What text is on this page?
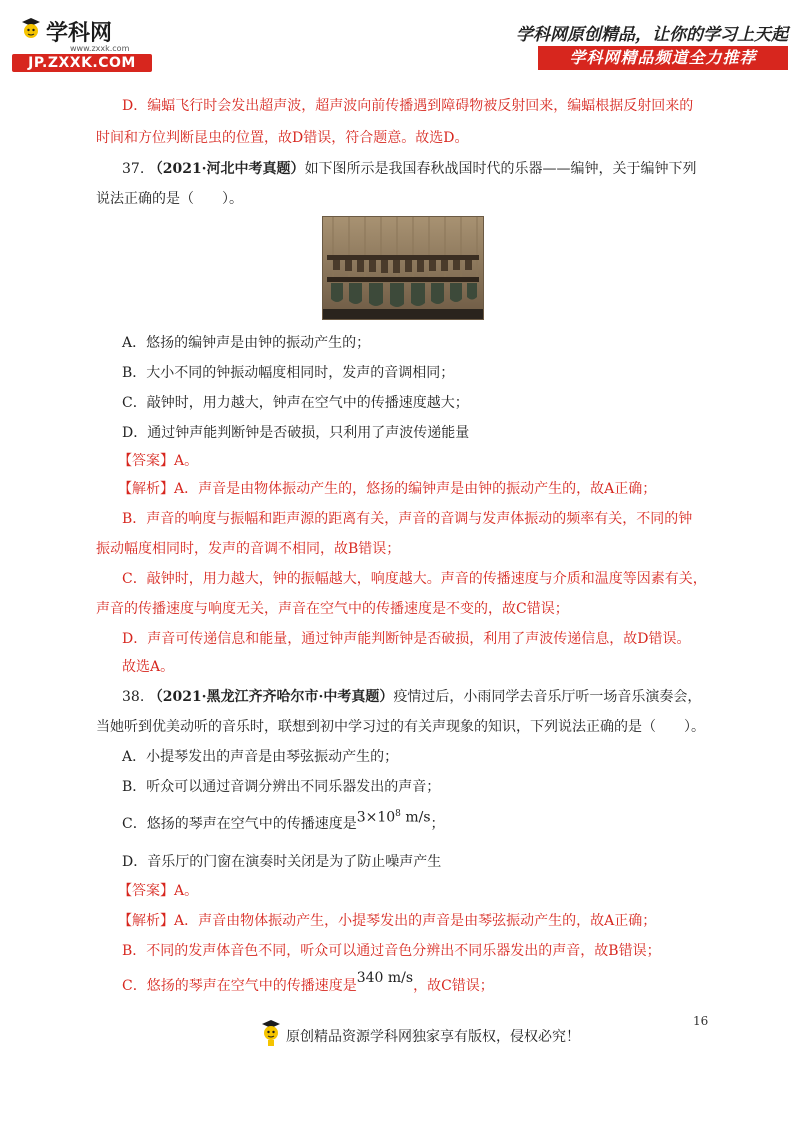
学科网
www.zxxk.com
JP.ZXXK.COM
学科网原创精品，让你的学习上天起
学科网精品频道全力推荐
D．编蝠飞行时会发出超声波，超声波向前传播遇到障碍物被反射回来，编蝠根据反射回来的
时间和方位判断昆虫的位置，故D错误，符合题意。故选D。
37. （2021·河北中考真题）如下图所示是我国春秋战国时代的乐器——编钟，关于编钟下列
说法正确的是（　　）。
A．悠扬的编钟声是由钟的振动产生的；
B．大小不同的钟振动幅度相同时，发声的音调相同；
C．敲钟时，用力越大，钟声在空气中的传播速度越大；
D．通过钟声能判断钟是否破损，只利用了声波传递能量
【答案】A。
【解析】A．声音是由物体振动产生的，悠扬的编钟声是由钟的振动产生的，故A正确；
B．声音的响度与振幅和距声源的距离有关，声音的音调与发声体振动的频率有关，不同的钟
振动幅度相同时，发声的音调不相同，故B错误；
C．敲钟时，用力越大，钟的振幅越大，响度越大。声音的传播速度与介质和温度等因素有关，
声音的传播速度与响度无关，声音在空气中的传播速度是不变的，故C错误；
D．声音可传递信息和能量，通过钟声能判断钟是否破损，利用了声波传递信息，故D错误。
故选A。
38. （2021·黑龙江齐齐哈尔市·中考真题）疫情过后，小雨同学去音乐厅听一场音乐演奏会，
当她听到优美动听的音乐时，联想到初中学习过的有关声现象的知识，下列说法正确的是（　　）。
A．小提琴发出的声音是由琴弦振动产生的；
B．听众可以通过音调分辨出不同乐器发出的声音；
C．悠扬的琴声在空气中的传播速度是$3\times 10^8$ m/s；
D．音乐厅的门窗在演奏时关闭是为了防止噪声产生
【答案】A。
【解析】A．声音由物体振动产生，小提琴发出的声音是由琴弦振动产生的，故A正确；
B．不同的发声体音色不同，听众可以通过音色分辨出不同乐器发出的声音，故B错误；
C．悠扬的琴声在空气中的传播速度是340 m/s，故C错误；
16
原创精品资源学科网独家享有版权，侵权必究！
